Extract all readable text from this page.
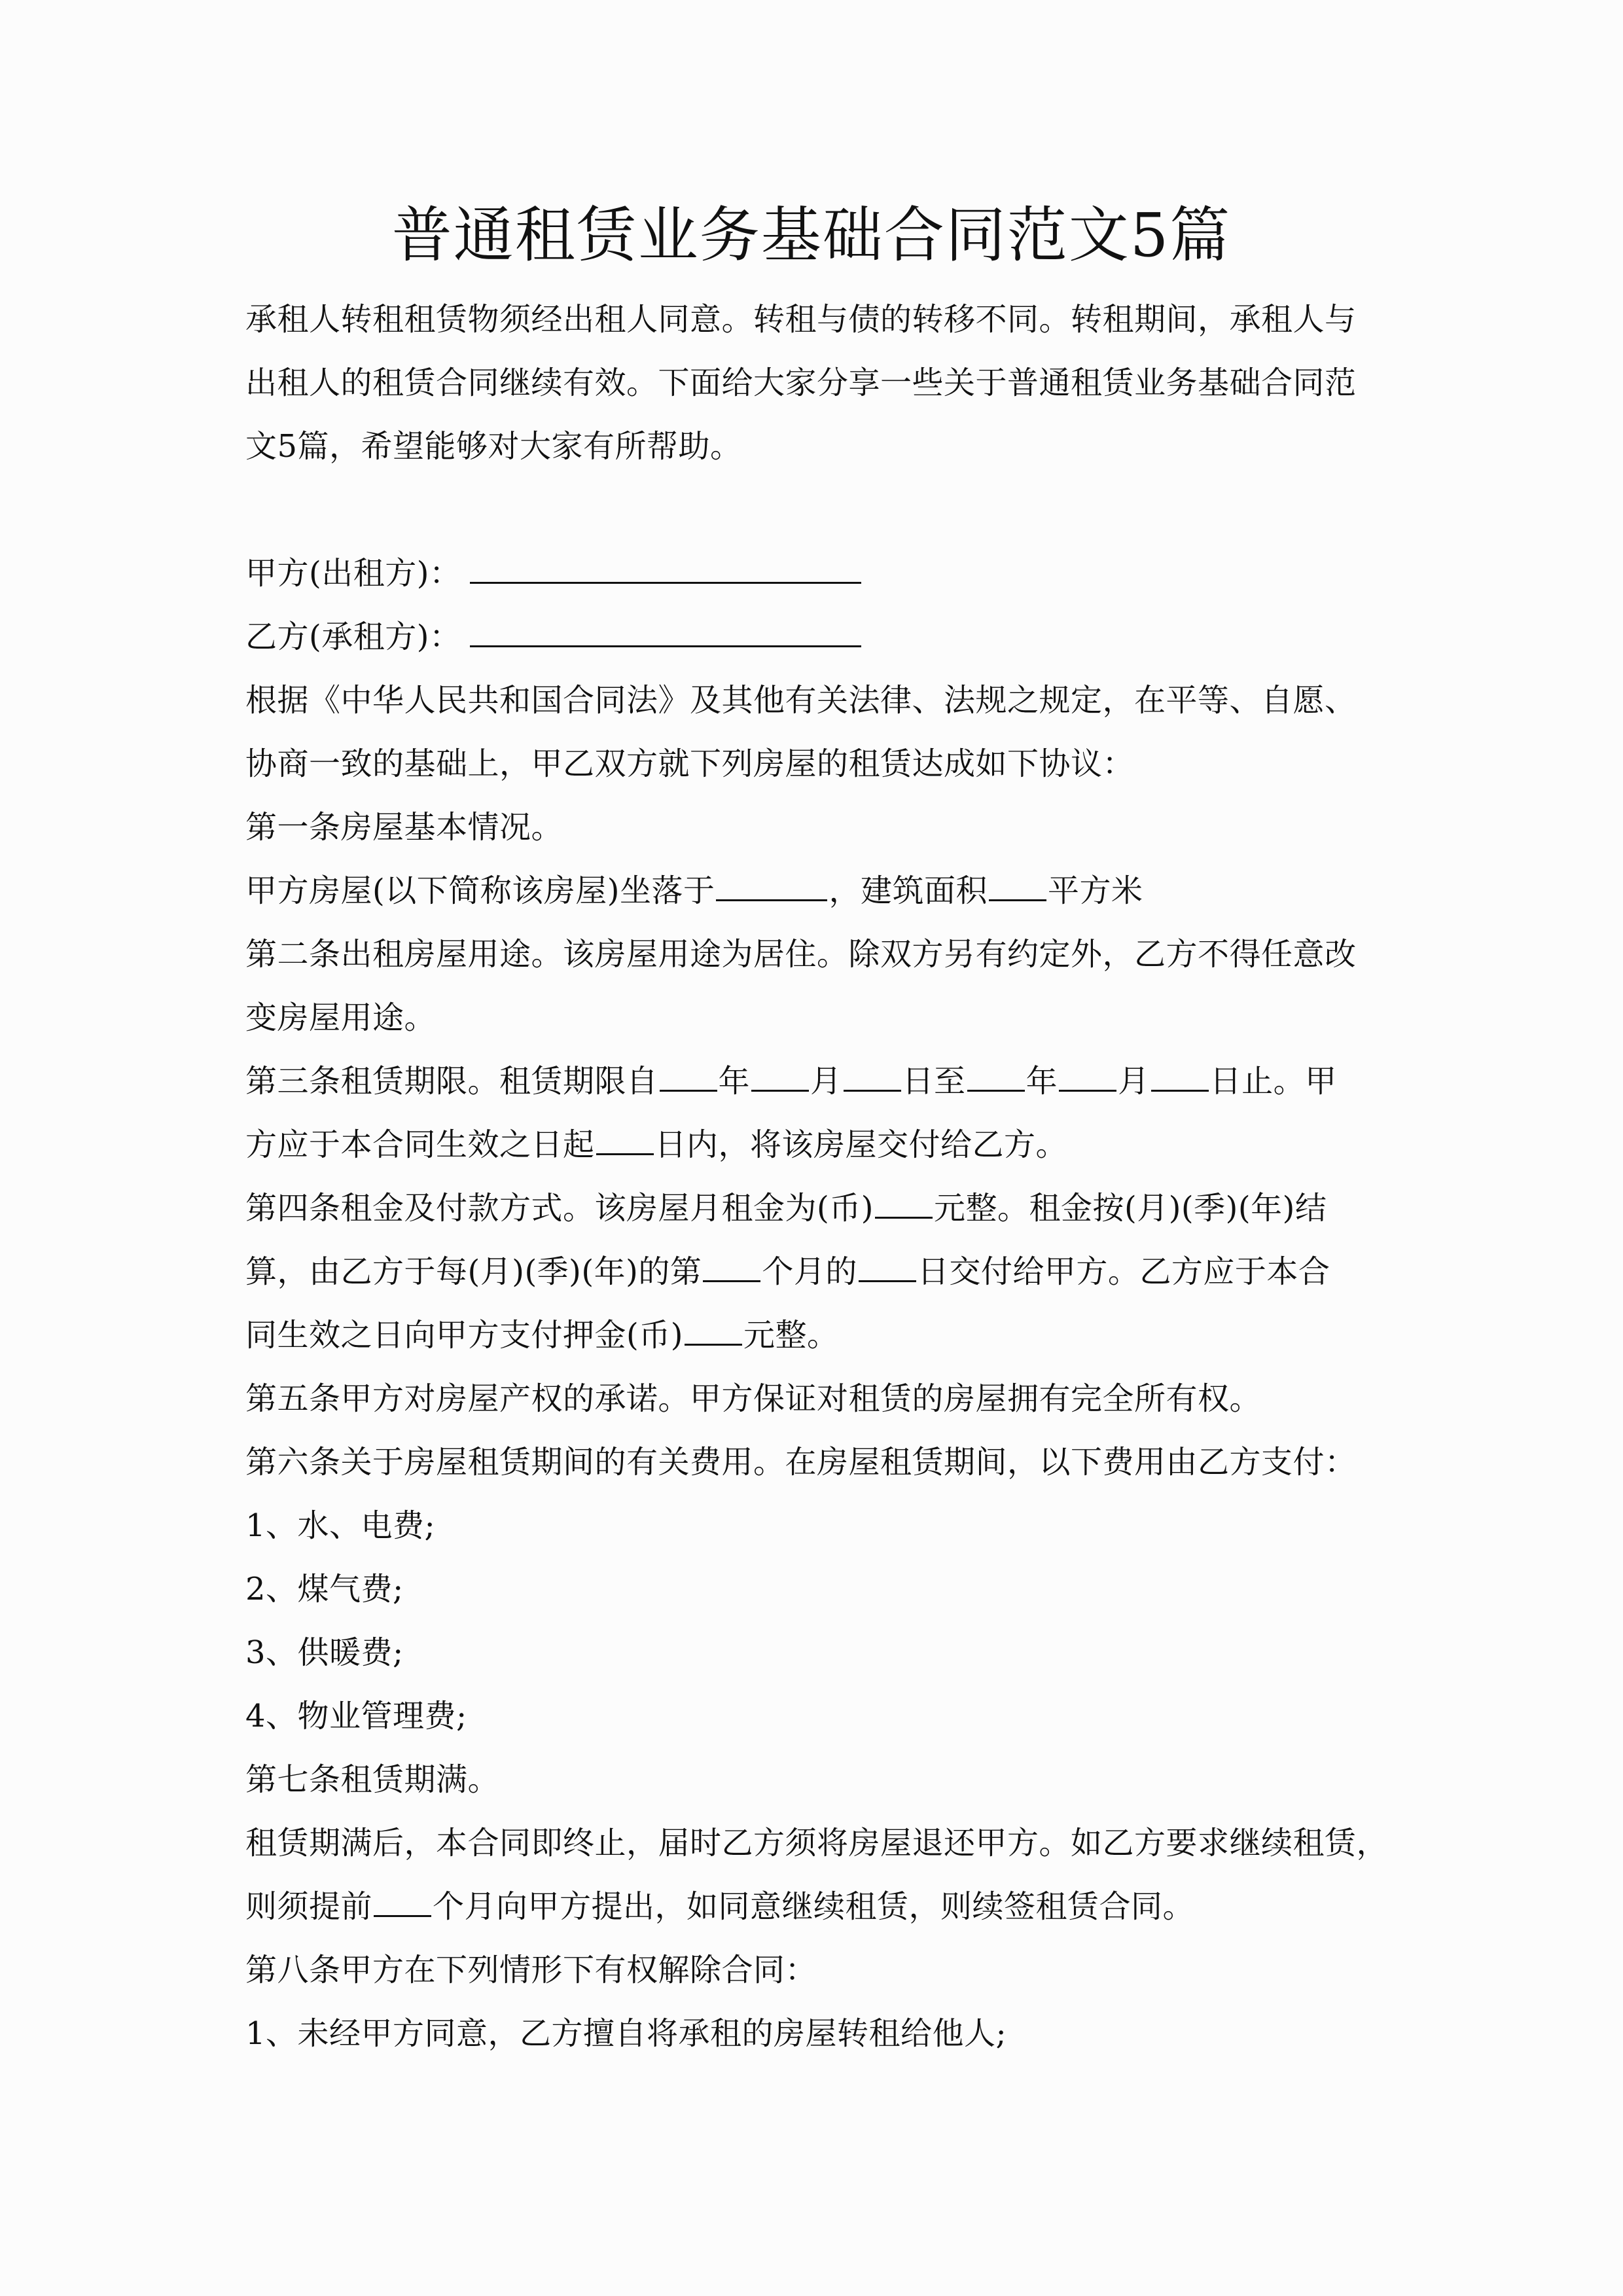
普通租赁业务基础合同范文5篇
承租人转租租赁物须经出租人同意。转租与债的转移不同。转租期间，承租人与
出租人的租赁合同继续有效。下面给大家分享一些关于普通租赁业务基础合同范
文5篇，希望能够对大家有所帮助。
甲方(出租方)：
乙方(承租方)：
根据《中华人民共和国合同法》及其他有关法律、法规之规定，在平等、自愿、
协商一致的基础上，甲乙双方就下列房屋的租赁达成如下协议：
第一条房屋基本情况。
甲方房屋(以下简称该房屋)坐落于	，建筑面积 平方米
第二条出租房屋用途。该房屋用途为居住。除双方另有约定外，乙方不得任意改
变房屋用途。
第三条租赁期限。租赁期限自 年 月 日至 年 月 日止。甲
方应于本合同生效之日起 日内，将该房屋交付给乙方。
第四条租金及付款方式。该房屋月租金为(币) 元整。租金按(月)(季)(年)结
算，由乙方于每(月)(季)(年)的第 个月的 日交付给甲方。乙方应于本合
同生效之日向甲方支付押金(币) 元整。
第五条甲方对房屋产权的承诺。甲方保证对租赁的房屋拥有完全所有权。
第六条关于房屋租赁期间的有关费用。在房屋租赁期间，以下费用由乙方支付：
1、水、电费;
2、煤气费;
3、供暖费;
4、物业管理费;
第七条租赁期满。
租赁期满后，本合同即终止，届时乙方须将房屋退还甲方。如乙方要求继续租赁，
则须提前 个月向甲方提出，如同意继续租赁，则续签租赁合同。
第八条甲方在下列情形下有权解除合同：
1、未经甲方同意，乙方擅自将承租的房屋转租给他人;
